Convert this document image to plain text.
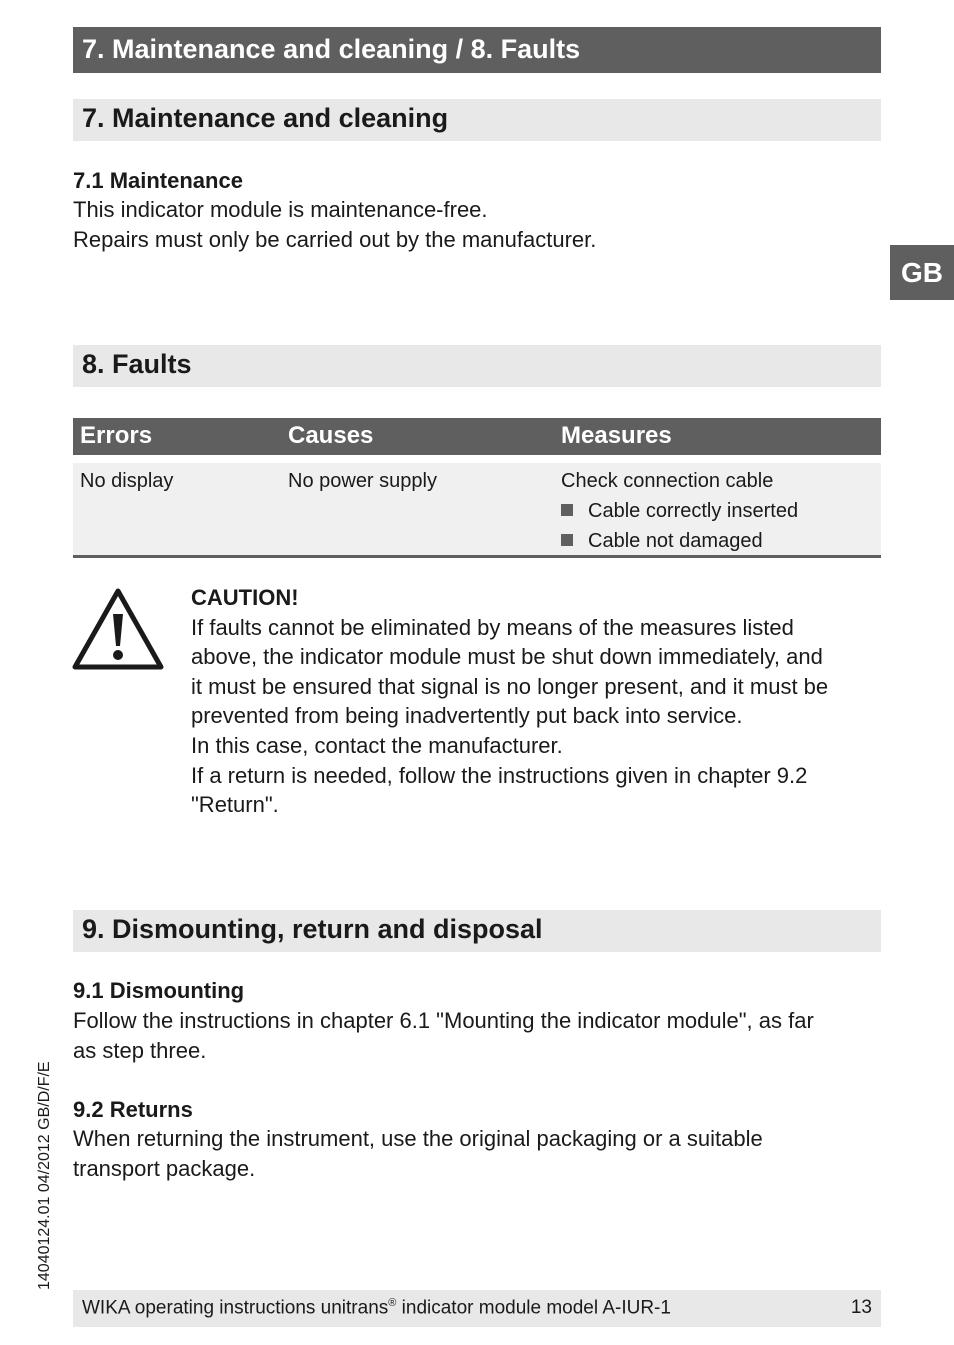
7. Maintenance and cleaning / 8. Faults
GB
7. Maintenance and cleaning
7.1 Maintenance
This indicator module is maintenance-free.
Repairs must only be carried out by the manufacturer.
8. Faults
Errors	Causes	Measures
No display	No power supply	Check connection cable
Cable correctly inserted
Cable not damaged
CAUTION!
If faults cannot be eliminated by means of the measures listed
above, the indicator module must be shut down immediately, and
it must be ensured that signal is no longer present, and it must be
prevented from being inadvertently put back into service.
In this case, contact the manufacturer.
If a return is needed, follow the instructions given in chapter 9.2
"Return".
9. Dismounting, return and disposal
9.1 Dismounting
Follow the instructions in chapter 6.1 "Mounting the indicator module", as far
as step three.
9.2 Returns
When returning the instrument, use the original packaging or a suitable
transport package.
14040124.01 04/2012 GB/D/F/E
WIKA operating instructions unitrans® indicator module model A-IUR-1	13
